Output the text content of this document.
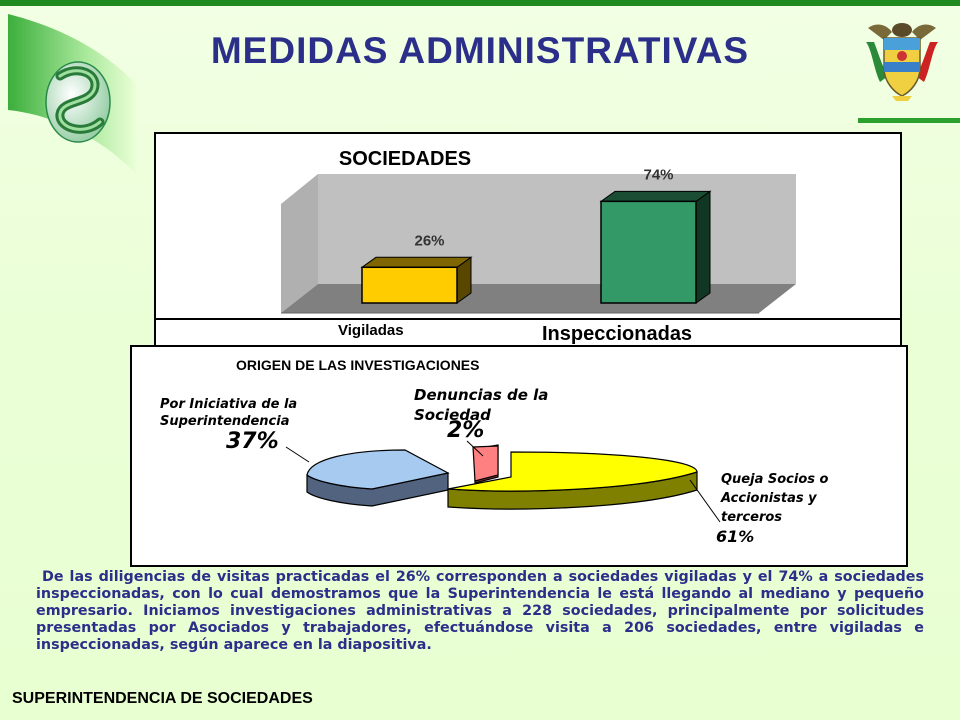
MEDIDAS ADMINISTRATIVAS
26%
74%
SOCIEDADES
Vigiladas	Inspeccionadas
ORIGEN DE LAS INVESTIGACIONES
Por Iniciativa de la Superintendencia
37%
Denuncias de la Sociedad
2%
Queja Socios o Accionistas y terceros
61%
De las diligencias de visitas practicadas el 26% corresponden a sociedades vigiladas y el 74% a sociedades inspeccionadas, con lo cual demostramos que la Superintendencia le está llegando al mediano y pequeño empresario. Iniciamos investigaciones administrativas a 228 sociedades, principalmente por solicitudes presentadas por Asociados y trabajadores, efectuándose visita a 206 sociedades, entre vigiladas e inspeccionadas, según aparece en la diapositiva.
SUPERINTENDENCIA DE SOCIEDADES
